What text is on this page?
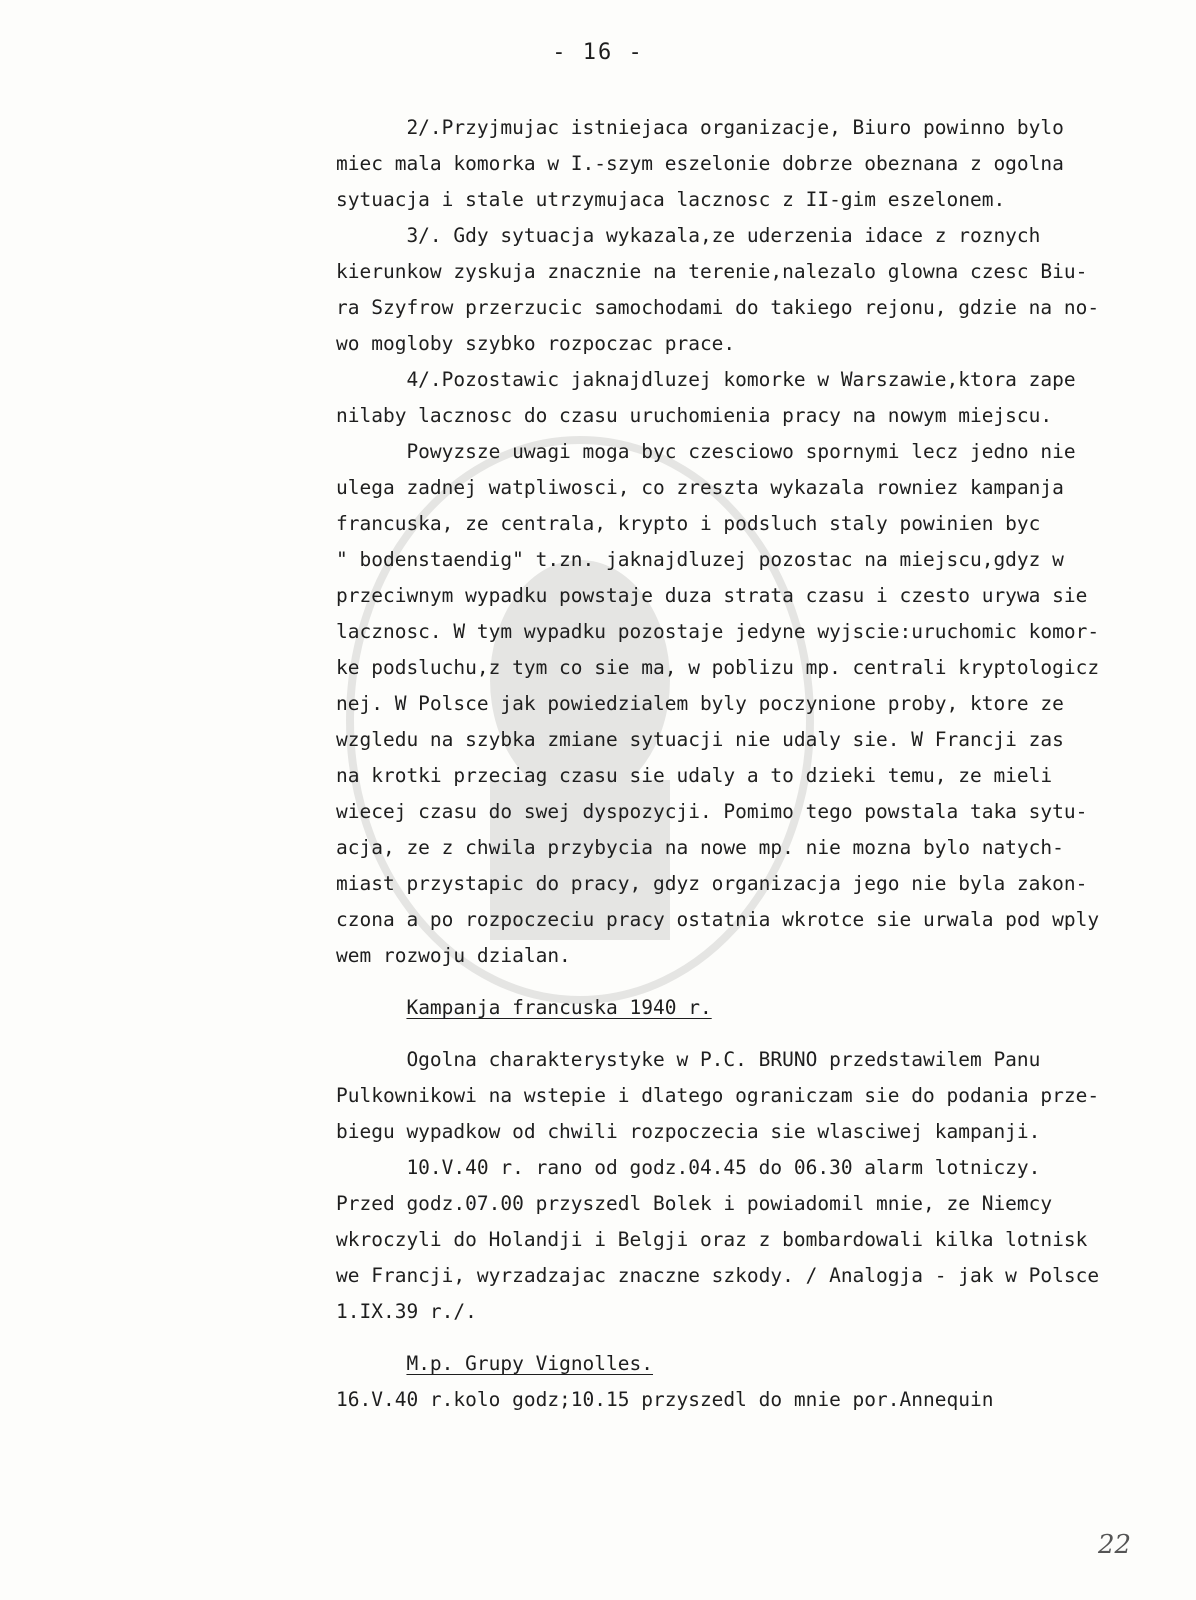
- 16 -
2/.Przyjmujac istniejaca organizacje, Biuro powinno bylo
miec mala komorka w I.-szym eszelonie dobrze obeznana z ogolna
sytuacja i stale utrzymujaca lacznosc z II-gim eszelonem.
3/. Gdy sytuacja wykazala,ze uderzenia idace z roznych
kierunkow zyskuja znacznie na terenie,nalezalo glowna czesc Biu-
ra Szyfrow przerzucic samochodami do takiego rejonu, gdzie na no-
wo mogloby szybko rozpoczac prace.
4/.Pozostawic jaknajdluzej komorke w Warszawie,ktora zape
nilaby lacznosc do czasu uruchomienia pracy na nowym miejscu.
Powyzsze uwagi moga byc czesciowo spornymi lecz jedno nie
ulega zadnej watpliwosci, co zreszta wykazala rowniez kampanja
francuska, ze centrala, krypto i podsluch staly powinien byc
" bodenstaendig" t.zn. jaknajdluzej pozostac na miejscu,gdyz w
przeciwnym wypadku powstaje duza strata czasu i czesto urywa sie
lacznosc. W tym wypadku pozostaje jedyne wyjscie:uruchomic komor-
ke podsluchu,z tym co sie ma, w poblizu mp. centrali kryptologicz
nej. W Polsce jak powiedzialem byly poczynione proby, ktore ze
wzgledu na szybka zmiane sytuacji nie udaly sie. W Francji zas
na krotki przeciag czasu sie udaly a to dzieki temu, ze mieli
wiecej czasu do swej dyspozycji. Pomimo tego powstala taka sytu-
acja, ze z chwila przybycia na nowe mp. nie mozna bylo natych-
miast przystapic do pracy, gdyz organizacja jego nie byla zakon-
czona a po rozpoczeciu pracy ostatnia wkrotce sie urwala pod wply
wem rozwoju dzialan.
Kampanja francuska 1940 r.
Ogolna charakterystyke w P.C. BRUNO przedstawilem Panu
Pulkownikowi na wstepie i dlatego ograniczam sie do podania prze-
biegu wypadkow od chwili rozpoczecia sie wlasciwej kampanji.
10.V.40 r. rano od godz.04.45 do 06.30 alarm lotniczy.
Przed godz.07.00 przyszedl Bolek i powiadomil mnie, ze Niemcy
wkroczyli do Holandji i Belgji oraz z bombardowali kilka lotnisk
we Francji, wyrzadzajac znaczne szkody. / Analogja - jak w Polsce
1.IX.39 r./.
M.p. Grupy Vignolles.
16.V.40 r.kolo godz;10.15 przyszedl do mnie por.Annequin
22
